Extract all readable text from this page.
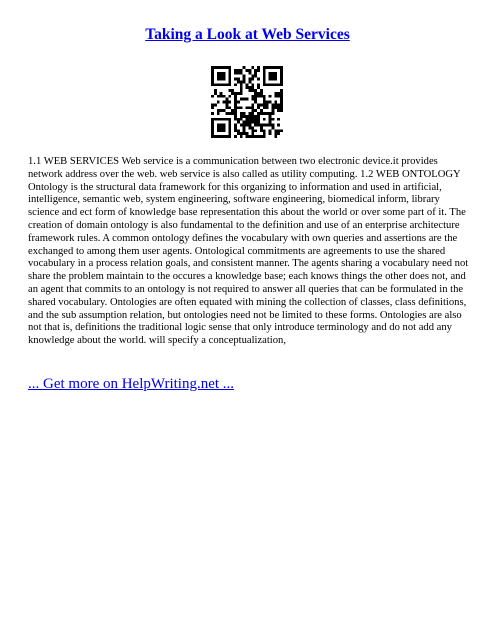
Taking a Look at Web Services
1.1 WEB SERVICES Web service is a communication between two electronic device.it provides network address over the web. web service is also called as utility computing. 1.2 WEB ONTOLOGY Ontology is the structural data framework for this organizing to information and used in artificial, intelligence, semantic web, system engineering, software engineering, biomedical inform, library science and ect form of knowledge base representation this about the world or over some part of it. The creation of domain ontology is also fundamental to the definition and use of an enterprise architecture framework rules. A common ontology defines the vocabulary with own queries and assertions are the exchanged to among them user agents. Ontological commitments are agreements to use the shared vocabulary in a process relation goals, and consistent manner. The agents sharing a vocabulary need not share the problem maintain to the occures a knowledge base; each knows things the other does not, and an agent that commits to an ontology is not required to answer all queries that can be formulated in the shared vocabulary. Ontologies are often equated with mining the collection of classes, class definitions, and the sub assumption relation, but ontologies need not be limited to these forms. Ontologies are also not that is, definitions the traditional logic sense that only introduce terminology and do not add any knowledge about the world. will specify a conceptualization,
... Get more on HelpWriting.net ...
